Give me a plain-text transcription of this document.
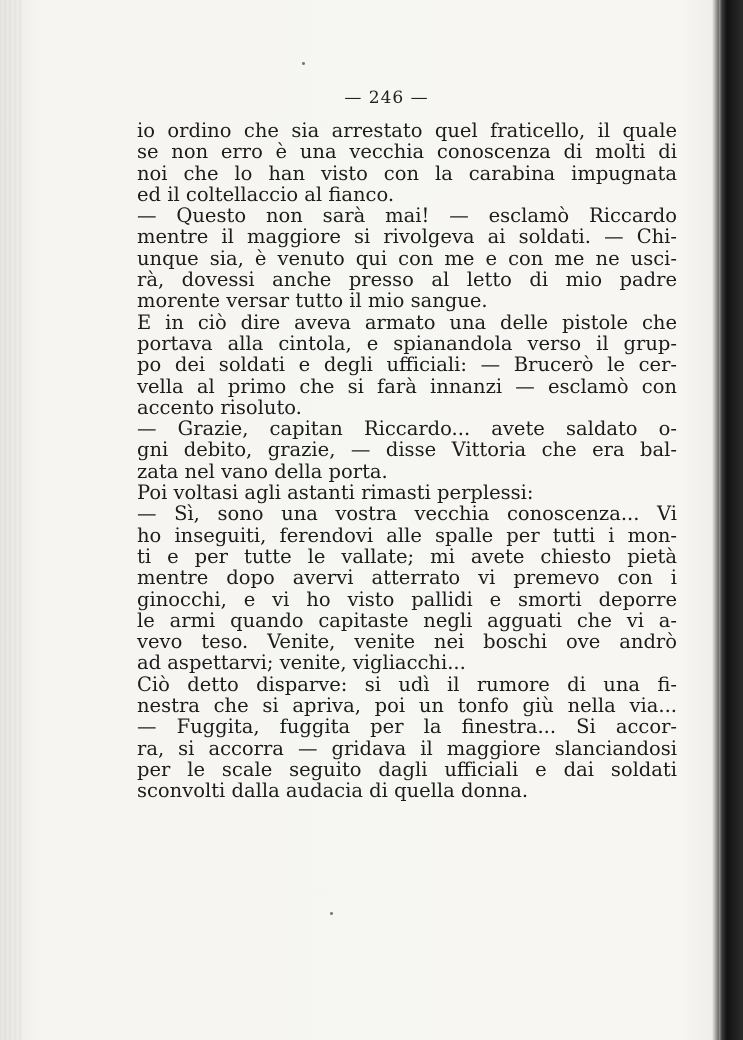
— 246 —
io ordino che sia arrestato quel fraticello, il quale
se non erro è una vecchia conoscenza di molti di
noi che lo han visto con la carabina impugnata
ed il coltellaccio al fianco.
— Questo non sarà mai! — esclamò Riccardo
mentre il maggiore si rivolgeva ai soldati. — Chi-
unque sia, è venuto qui con me e con me ne usci-
rà, dovessi anche presso al letto di mio padre
morente versar tutto il mio sangue.
E in ciò dire aveva armato una delle pistole che
portava alla cintola, e spianandola verso il grup-
po dei soldati e degli ufficiali: — Brucerò le cer-
vella al primo che si farà innanzi — esclamò con
accento risoluto.
— Grazie, capitan Riccardo... avete saldato o-
gni debito, grazie, — disse Vittoria che era bal-
zata nel vano della porta.
Poi voltasi agli astanti rimasti perplessi:
— Sì, sono una vostra vecchia conoscenza... Vi
ho inseguiti, ferendovi alle spalle per tutti i mon-
ti e per tutte le vallate; mi avete chiesto pietà
mentre dopo avervi atterrato vi premevo con i
ginocchi, e vi ho visto pallidi e smorti deporre
le armi quando capitaste negli agguati che vi a-
vevo teso. Venite, venite nei boschi ove andrò
ad aspettarvi; venite, vigliacchi...
Ciò detto disparve: si udì il rumore di una fi-
nestra che si apriva, poi un tonfo giù nella via...
— Fuggita, fuggita per la finestra... Si accor-
ra, si accorra — gridava il maggiore slanciandosi
per le scale seguito dagli ufficiali e dai soldati
sconvolti dalla audacia di quella donna.
